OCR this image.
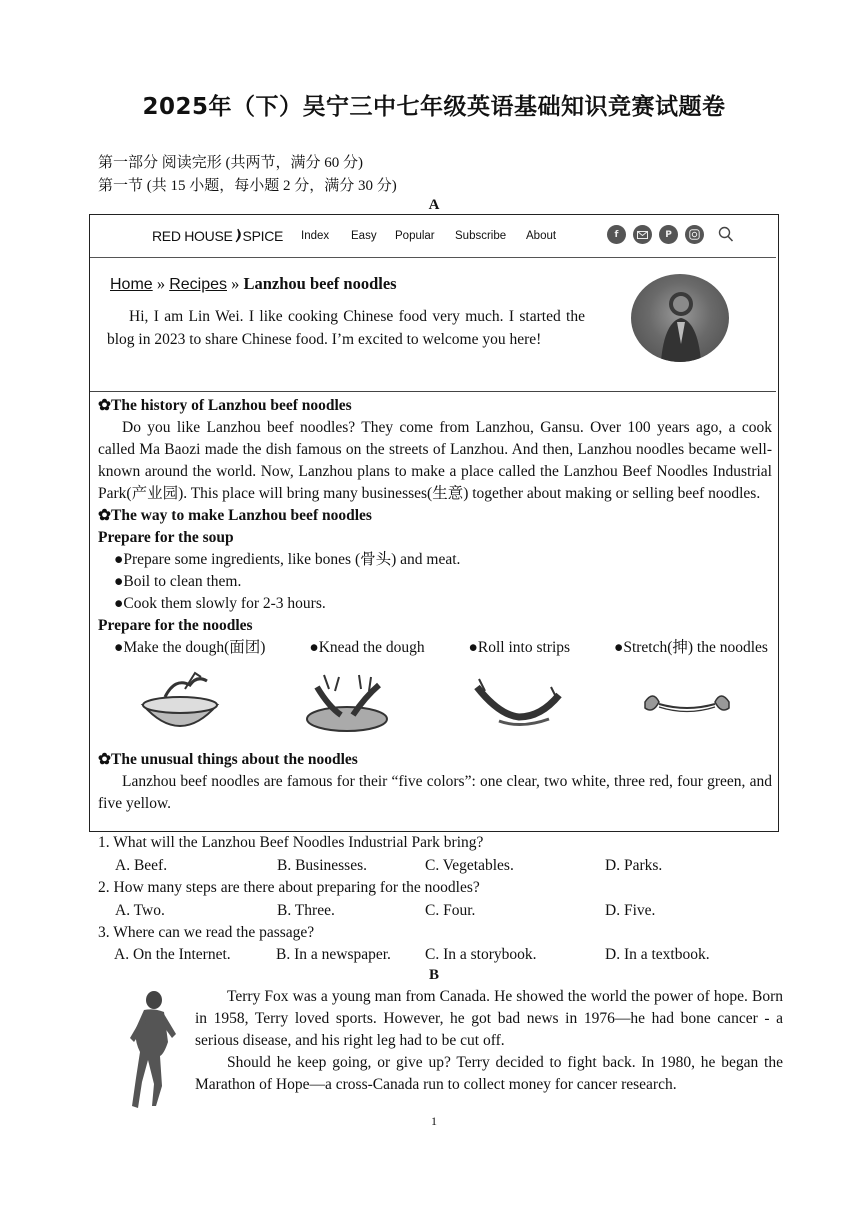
2025年（下）吴宁三中七年级英语基础知识竞赛试题卷
第一部分 阅读完形 (共两节，满分 60 分)
第一节 (共 15 小题，每小题 2 分，满分 30 分)
A
RED HOUSE SPICE Index Easy Popular Subscribe About	f	P
Home » Recipes » Lanzhou beef noodles
Hi, I am Lin Wei. I like cooking Chinese food very much. I started the blog in 2023 to share Chinese food. I’m excited to welcome you here!
✿The history of Lanzhou beef noodles
Do you like Lanzhou beef noodles? They come from Lanzhou, Gansu. Over 100 years ago, a cook called Ma Baozi made the dish famous on the streets of Lanzhou. And then, Lanzhou noodles became well-known around the world. Now, Lanzhou plans to make a place called the Lanzhou Beef Noodles Industrial Park(产业园). This place will bring many businesses(生意) together about making or selling beef noodles.
✿The way to make Lanzhou beef noodles
Prepare for the soup
●Prepare some ingredients, like bones (骨头) and meat.
●Boil to clean them.
●Cook them slowly for 2-3 hours.
Prepare for the noodles
●Make the dough(面团)	●Knead the dough	●Roll into strips	●Stretch(抻) the noodles
✿The unusual things about the noodles
Lanzhou beef noodles are famous for their “five colors”: one clear, two white, three red, four green, and five yellow.
1. What will the Lanzhou Beef Noodles Industrial Park bring?
A. Beef.	B. Businesses.	C. Vegetables.	D. Parks.
2. How many steps are there about preparing for the noodles?
A. Two.	B. Three.	C. Four.	D. Five.
3. Where can we read the passage?
A. On the Internet.	B. In a newspaper. C. In a storybook.	D. In a textbook.
B
Terry Fox was a young man from Canada. He showed the world the power of hope. Born in 1958, Terry loved sports. However, he got bad news in 1976—he had bone cancer - a serious disease, and his right leg had to be cut off.
Should he keep going, or give up? Terry decided to fight back. In 1980, he began the Marathon of Hope—a cross-Canada run to collect money for cancer research.
1
